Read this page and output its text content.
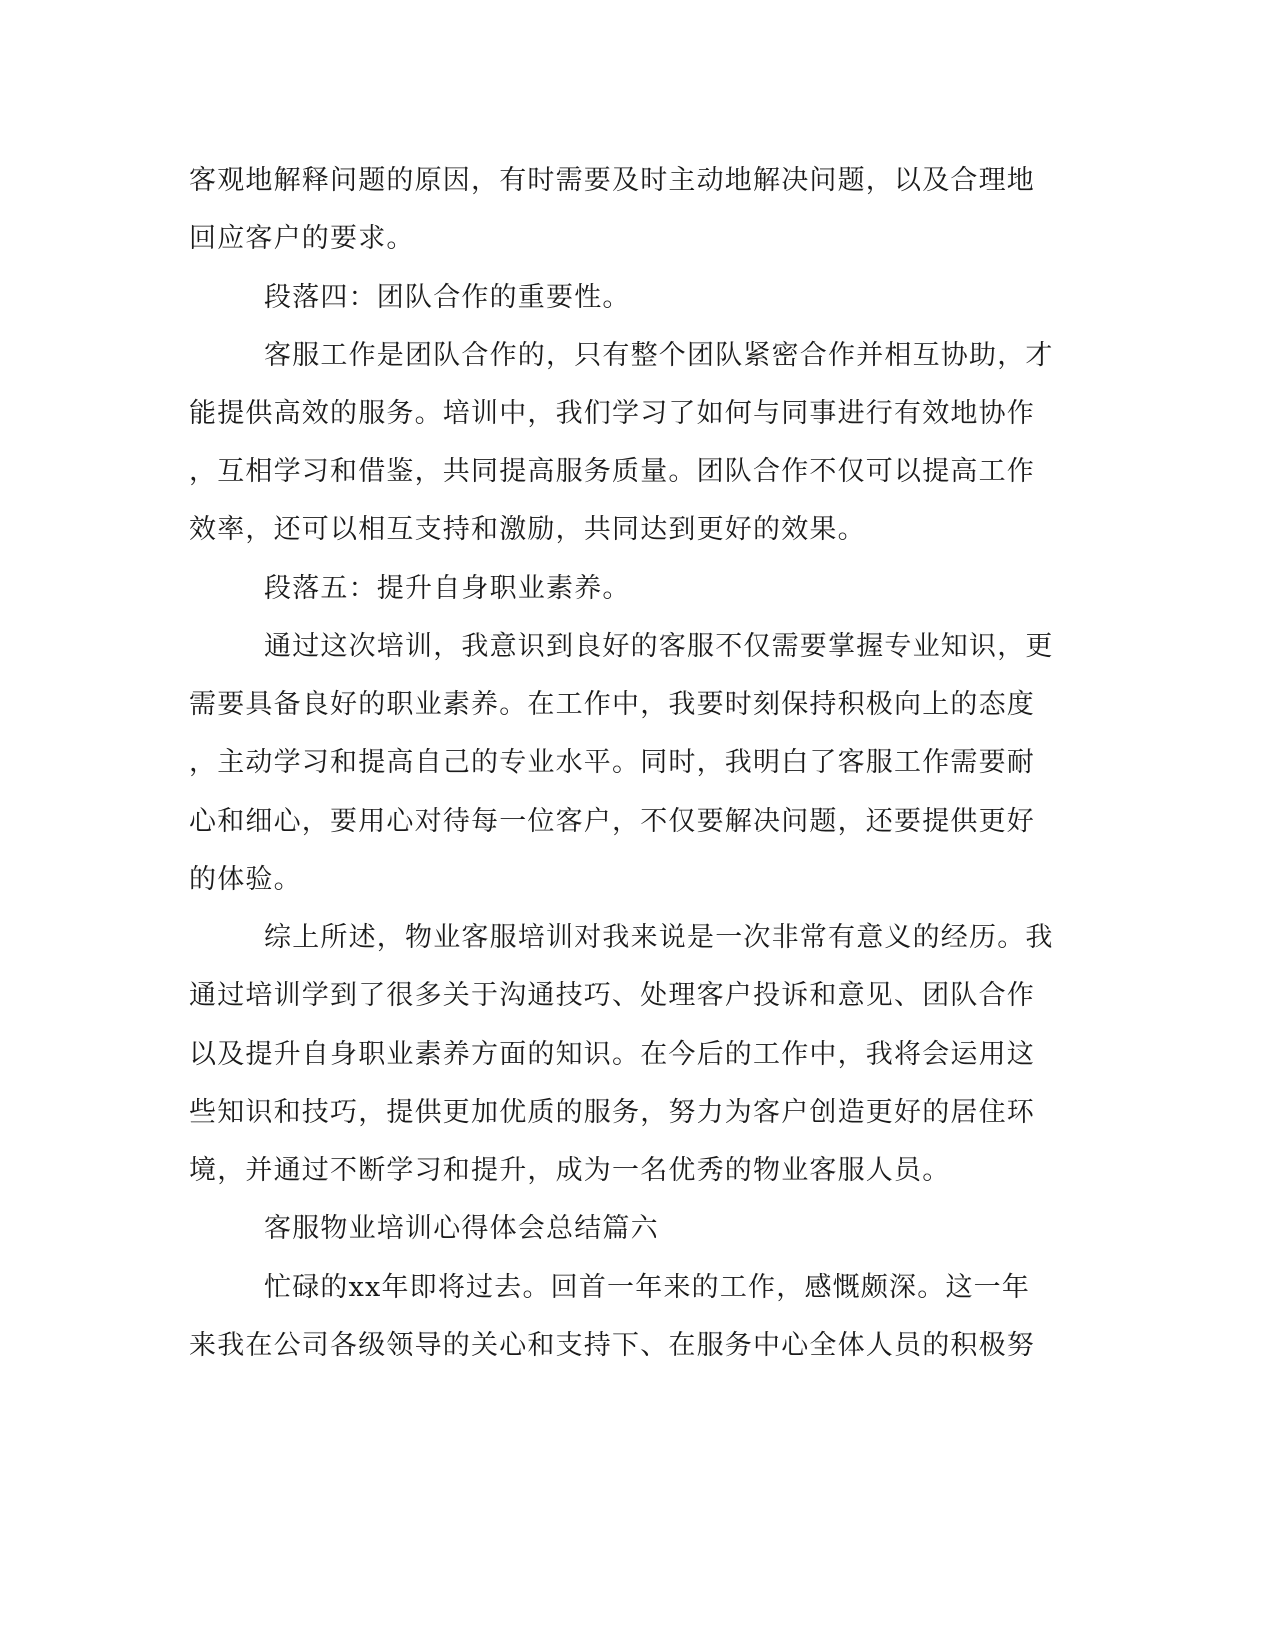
客观地解释问题的原因，有时需要及时主动地解决问题，以及合理地
回应客户的要求。
段落四：团队合作的重要性。
客服工作是团队合作的，只有整个团队紧密合作并相互协助，才
能提供高效的服务。培训中，我们学习了如何与同事进行有效地协作
，互相学习和借鉴，共同提高服务质量。团队合作不仅可以提高工作
效率，还可以相互支持和激励，共同达到更好的效果。
段落五：提升自身职业素养。
通过这次培训，我意识到良好的客服不仅需要掌握专业知识，更
需要具备良好的职业素养。在工作中，我要时刻保持积极向上的态度
，主动学习和提高自己的专业水平。同时，我明白了客服工作需要耐
心和细心，要用心对待每一位客户，不仅要解决问题，还要提供更好
的体验。
综上所述，物业客服培训对我来说是一次非常有意义的经历。我
通过培训学到了很多关于沟通技巧、处理客户投诉和意见、团队合作
以及提升自身职业素养方面的知识。在今后的工作中，我将会运用这
些知识和技巧，提供更加优质的服务，努力为客户创造更好的居住环
境，并通过不断学习和提升，成为一名优秀的物业客服人员。
客服物业培训心得体会总结篇六
忙碌的xx年即将过去。回首一年来的工作，感慨颇深。这一年
来我在公司各级领导的关心和支持下、在服务中心全体人员的积极努
